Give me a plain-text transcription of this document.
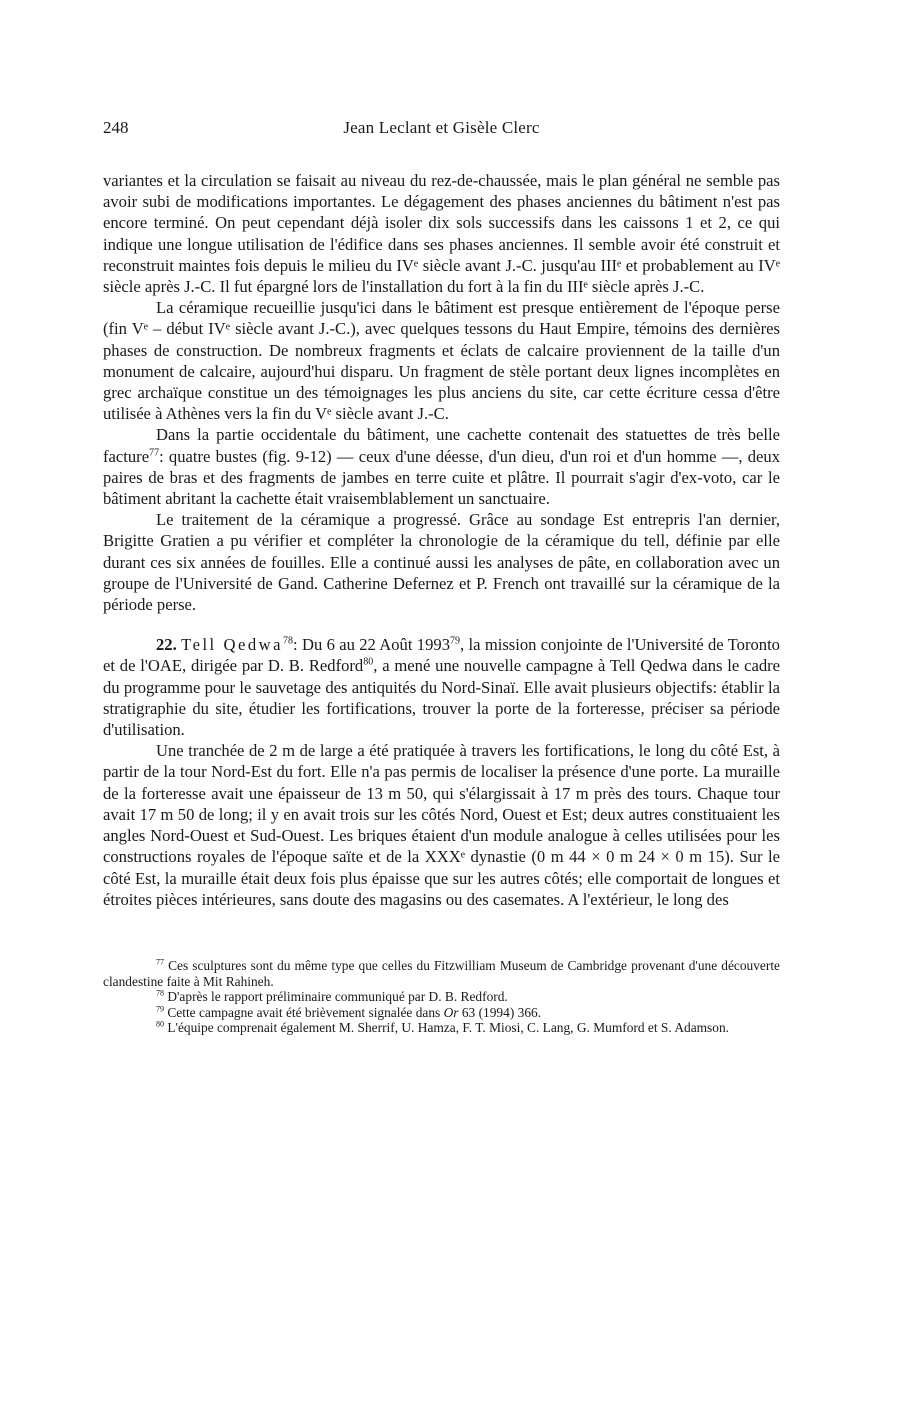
248	Jean Leclant et Gisèle Clerc

variantes et la circulation se faisait au niveau du rez-de-chaussée, mais le plan général ne semble pas avoir subi de modifications importantes. Le dégagement des phases anciennes du bâtiment n'est pas encore terminé. On peut cependant déjà isoler dix sols successifs dans les caissons 1 et 2, ce qui indique une longue utilisation de l'édifice dans ses phases anciennes. Il semble avoir été construit et reconstruit maintes fois depuis le milieu du IVᵉ siècle avant J.-C. jusqu'au IIIᵉ et probablement au IVᵉ siècle après J.-C. Il fut épargné lors de l'installation du fort à la fin du IIIᵉ siècle après J.-C.

La céramique recueillie jusqu'ici dans le bâtiment est presque entièrement de l'époque perse (fin Vᵉ – début IVᵉ siècle avant J.-C.), avec quelques tessons du Haut Empire, témoins des dernières phases de construction. De nombreux fragments et éclats de calcaire proviennent de la taille d'un monument de calcaire, aujourd'hui disparu. Un fragment de stèle portant deux lignes incomplètes en grec archaïque constitue un des témoignages les plus anciens du site, car cette écriture cessa d'être utilisée à Athènes vers la fin du Vᵉ siècle avant J.-C.

Dans la partie occidentale du bâtiment, une cachette contenait des statuettes de très belle facture$^{77}$: quatre bustes (fig. 9-12) — ceux d'une déesse, d'un dieu, d'un roi et d'un homme —, deux paires de bras et des fragments de jambes en terre cuite et plâtre. Il pourrait s'agir d'ex-voto, car le bâtiment abritant la cachette était vraisemblablement un sanctuaire.

Le traitement de la céramique a progressé. Grâce au sondage Est entrepris l'an dernier, Brigitte Gratien a pu vérifier et compléter la chronologie de la céramique du tell, définie par elle durant ces six années de fouilles. Elle a continué aussi les analyses de pâte, en collaboration avec un groupe de l'Université de Gand. Catherine Defernez et P. French ont travaillé sur la céramique de la période perse.

22. Tell Qedwa$^{78}$: Du 6 au 22 Août 1993$^{79}$, la mission conjointe de l'Université de Toronto et de l'OAE, dirigée par D. B. Redford$^{80}$, a mené une nouvelle campagne à Tell Qedwa dans le cadre du programme pour le sauvetage des antiquités du Nord-Sinaï. Elle avait plusieurs objectifs: établir la stratigraphie du site, étudier les fortifications, trouver la porte de la forteresse, préciser sa période d'utilisation.

Une tranchée de 2 m de large a été pratiquée à travers les fortifications, le long du côté Est, à partir de la tour Nord-Est du fort. Elle n'a pas permis de localiser la présence d'une porte. La muraille de la forteresse avait une épaisseur de 13 m 50, qui s'élargissait à 17 m près des tours. Chaque tour avait 17 m 50 de long; il y en avait trois sur les côtés Nord, Ouest et Est; deux autres constituaient les angles Nord-Ouest et Sud-Ouest. Les briques étaient d'un module analogue à celles utilisées pour les constructions royales de l'époque saïte et de la XXXᵉ dynastie (0 m 44 × 0 m 24 × 0 m 15). Sur le côté Est, la muraille était deux fois plus épaisse que sur les autres côtés; elle comportait de longues et étroites pièces intérieures, sans doute des magasins ou des casemates. A l'extérieur, le long des

$^{77}$ Ces sculptures sont du même type que celles du Fitzwilliam Museum de Cambridge provenant d'une découverte clandestine faite à Mit Rahineh.

$^{78}$ D'après le rapport préliminaire communiqué par D. B. Redford.

$^{79}$ Cette campagne avait été brièvement signalée dans Or 63 (1994) 366.

$^{80}$ L'équipe comprenait également M. Sherrif, U. Hamza, F. T. Miosi, C. Lang, G. Mumford et S. Adamson.
